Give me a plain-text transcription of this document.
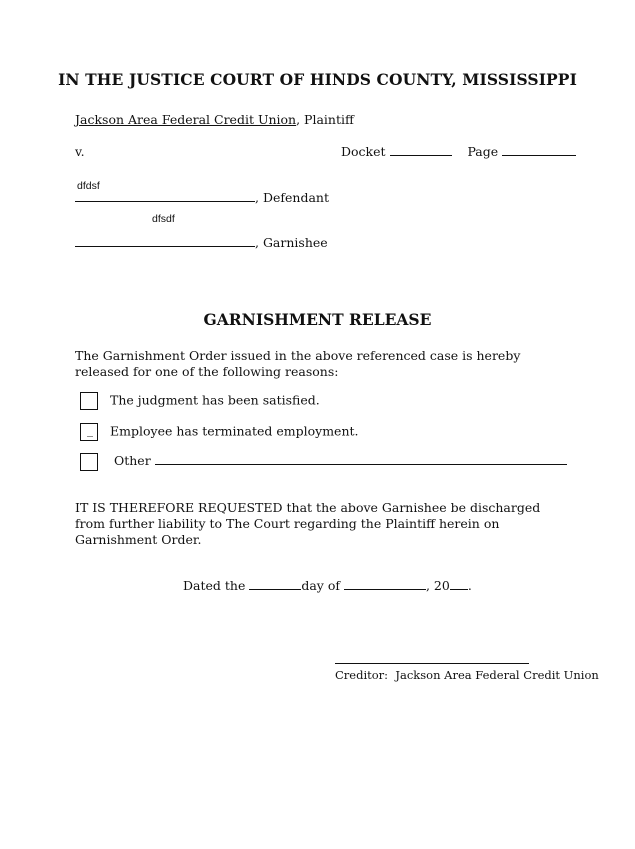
IN THE JUSTICE COURT OF HINDS COUNTY, MISSISSIPPI
Jackson Area Federal Credit Union, Plaintiff
v.	Docket	Page
dfdsf
, Defendant
dfsdf
, Garnishee
GARNISHMENT RELEASE
The Garnishment Order issued in the above referenced case is hereby released for one of the following reasons:
The judgment has been satisfied.
_ Employee has terminated employment.
Other
IT IS THEREFORE REQUESTED that the above Garnishee be discharged from further liability to The Court regarding the Plaintiff herein on Garnishment Order.
Dated the	day of	, 20 .
Creditor: Jackson Area Federal Credit Union
